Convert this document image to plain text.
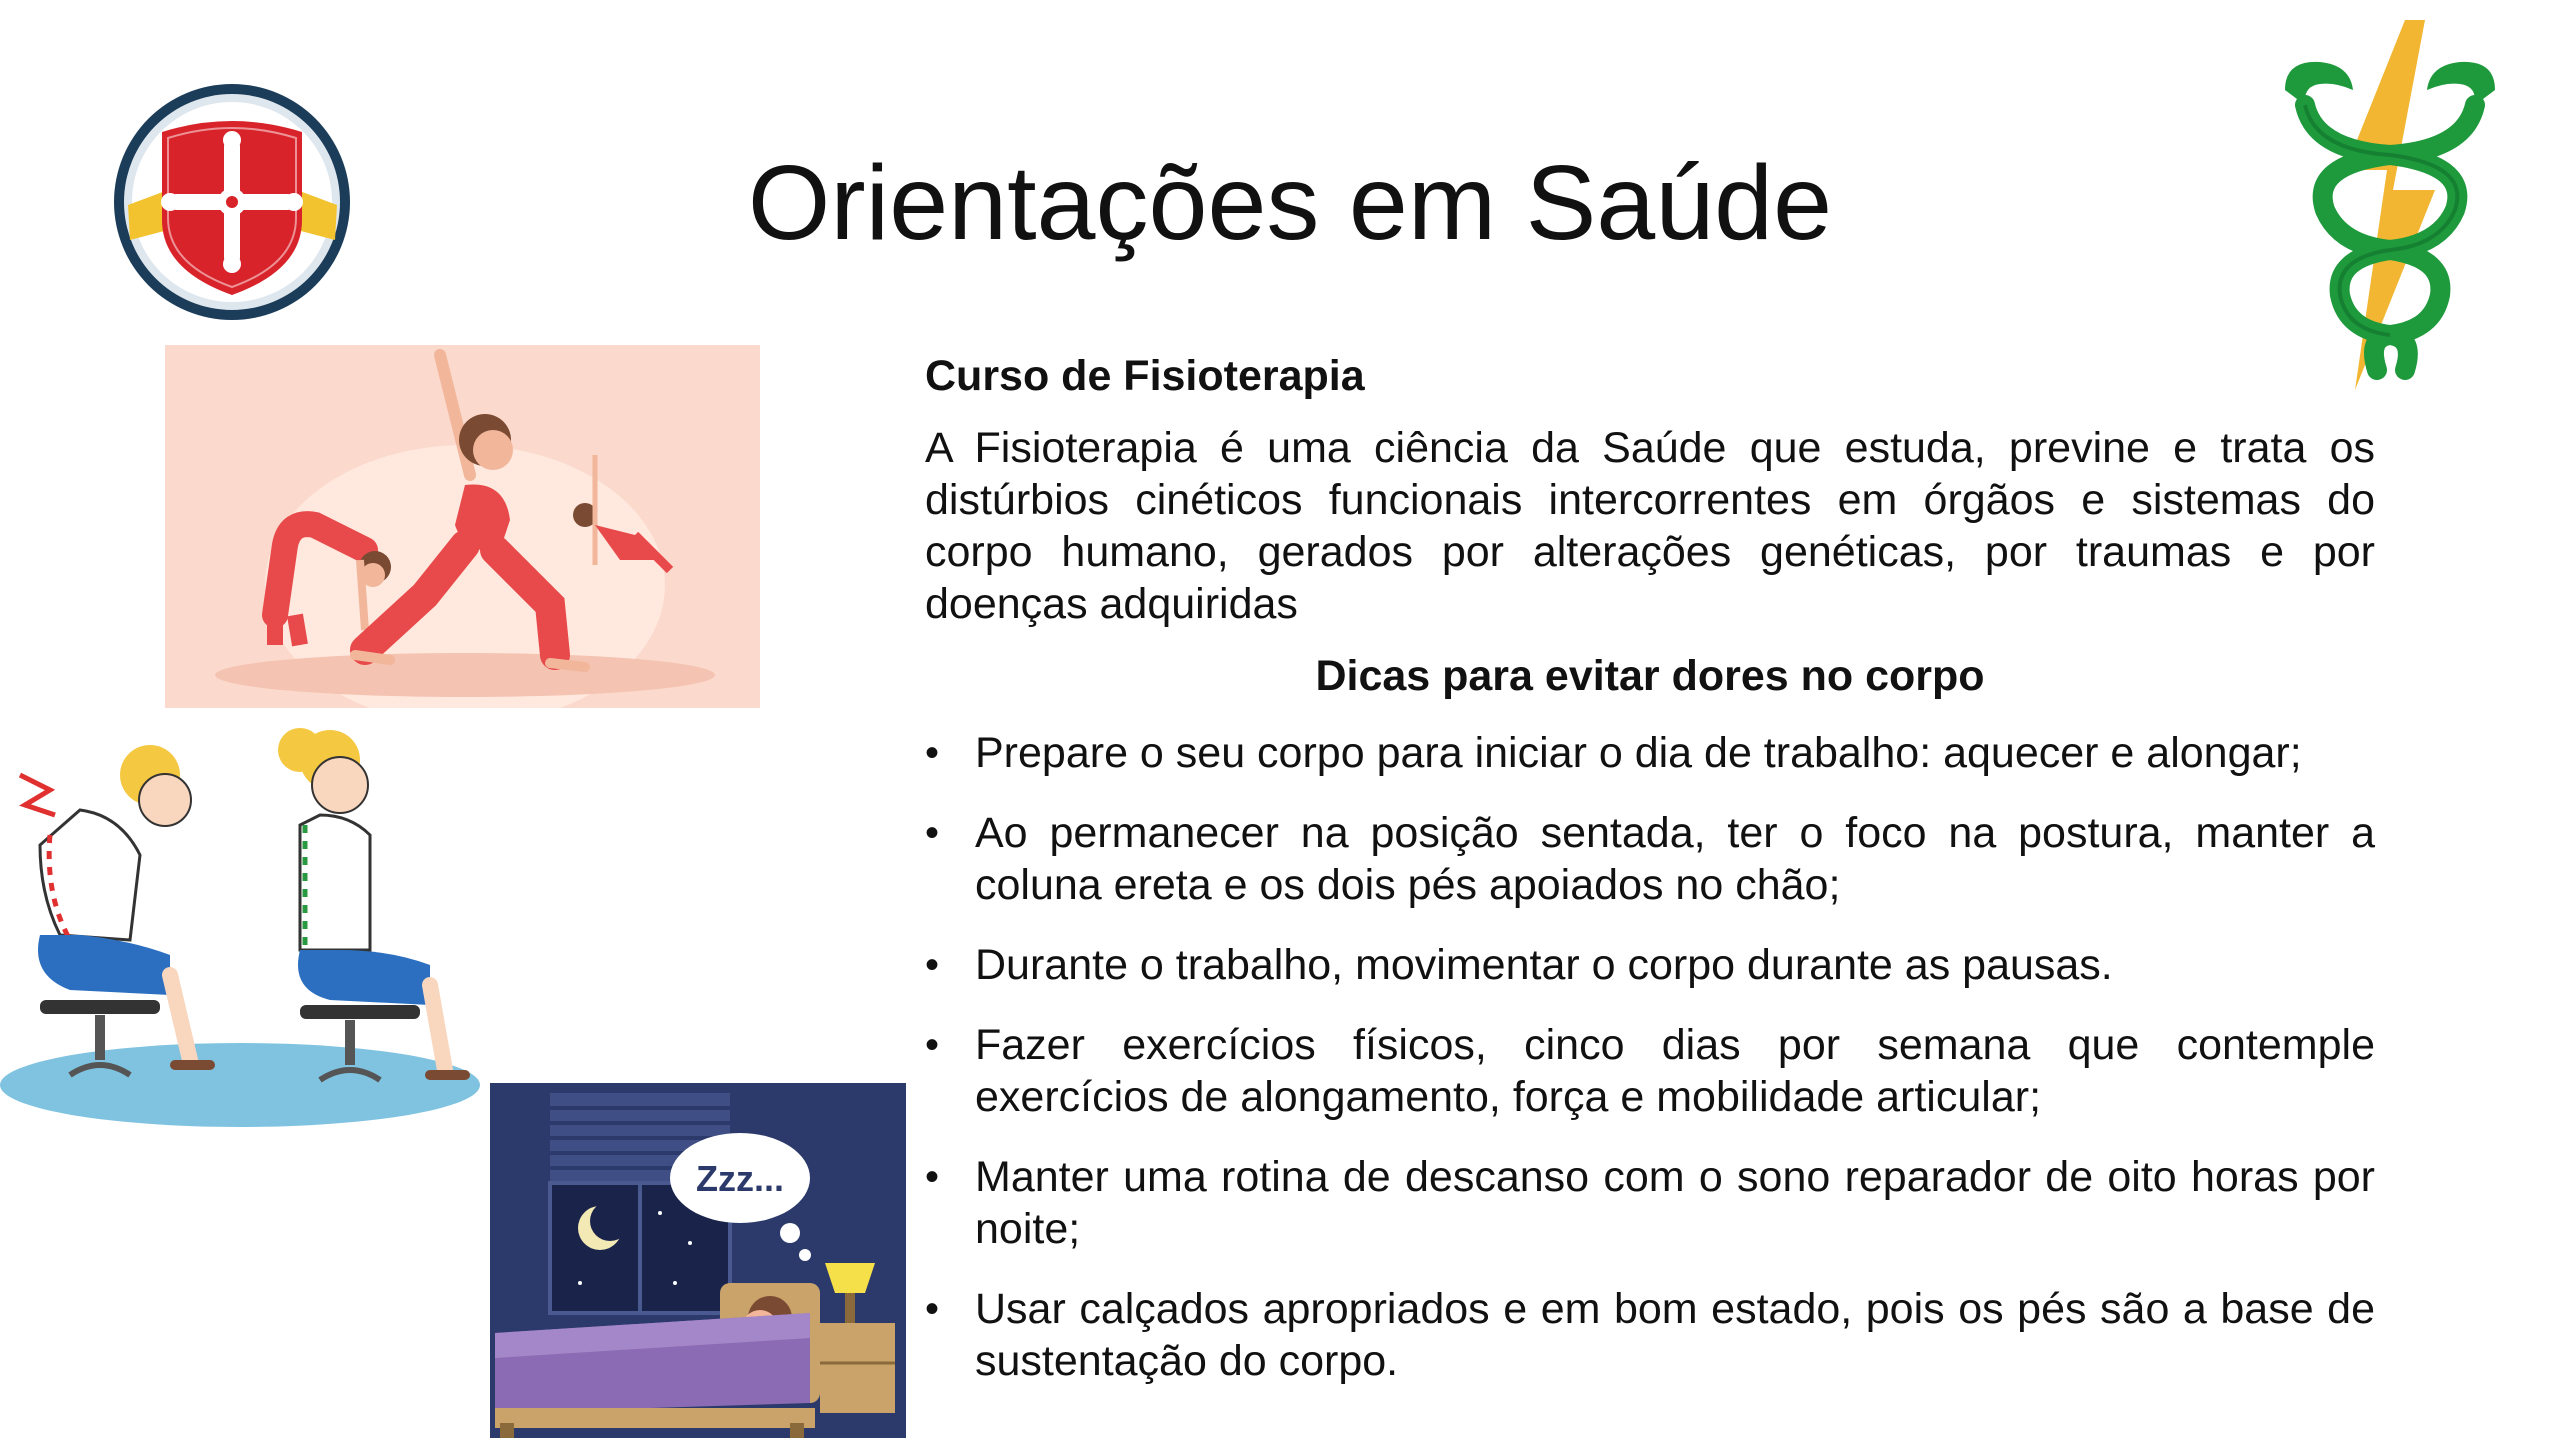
Orientações em Saúde
Zzz...
Curso de Fisioterapia
A Fisioterapia é uma ciência da Saúde que estuda, previne e trata os distúrbios cinéticos funcionais intercorrentes em órgãos e sistemas do corpo humano, gerados por alterações genéticas, por traumas e por doenças adquiridas
Dicas para evitar dores no corpo
• Prepare o seu corpo para iniciar o dia de trabalho: aquecer e alongar;
• Ao permanecer na posição sentada, ter o foco na postura, manter a coluna ereta e os dois pés apoiados no chão;
• Durante o trabalho, movimentar o corpo durante as pausas.
• Fazer exercícios físicos, cinco dias por semana que contemple exercícios de alongamento, força e mobilidade articular;
• Manter uma rotina de descanso com o sono reparador de oito horas por noite;
• Usar calçados apropriados e em bom estado, pois os pés são a base de sustentação do corpo.
